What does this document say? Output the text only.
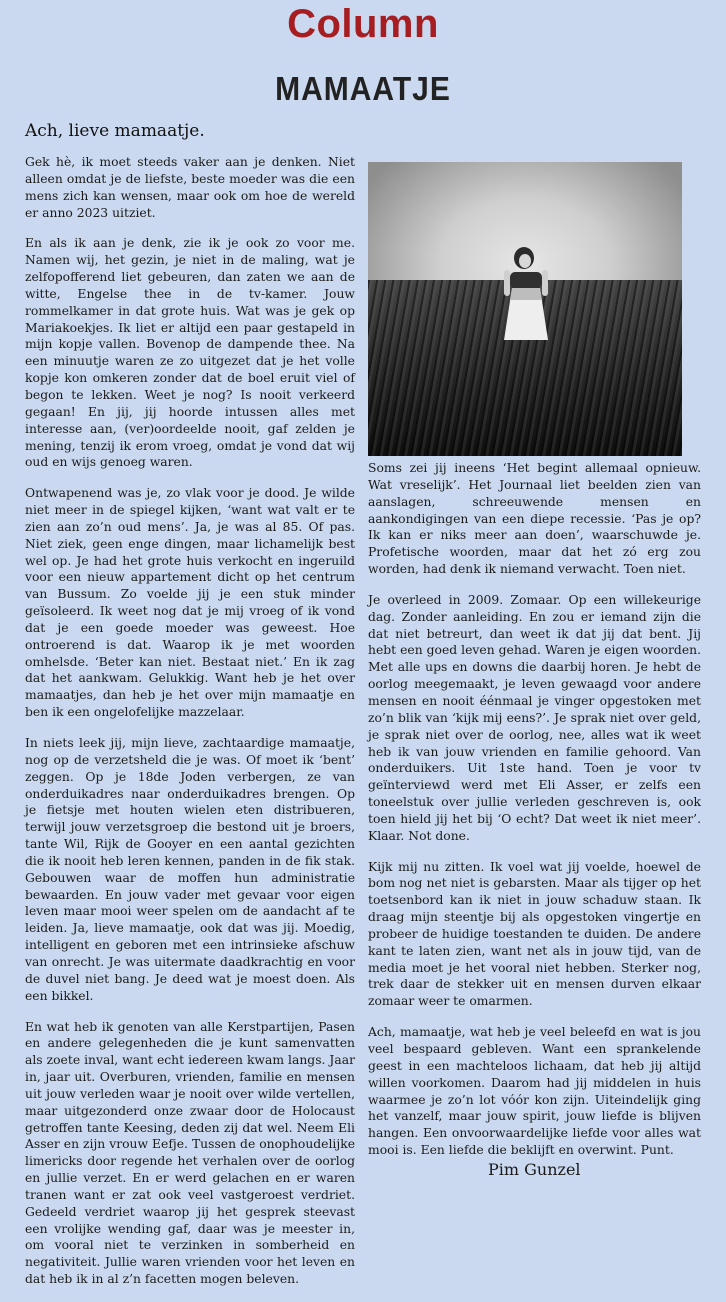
Column
MAMAATJE
Ach, lieve mamaatje.

Gek hè, ik moet steeds vaker aan je denken. Niet alleen omdat je de liefste, beste moeder was die een mens zich kan wensen, maar ook om hoe de wereld er anno 2023 uitziet.

En als ik aan je denk, zie ik je ook zo voor me. Namen wij, het gezin, je niet in de maling, wat je zelfopofferend liet gebeuren, dan zaten we aan de witte, Engelse thee in de tv-kamer. Jouw rommelkamer in dat grote huis. Wat was je gek op Mariakoekjes. Ik liet er altijd een paar gestapeld in mijn kopje vallen. Bovenop de dampende thee. Na een minuutje waren ze zo uitgezet dat je het volle kopje kon omkeren zonder dat de boel eruit viel of begon te lekken. Weet je nog? Is nooit verkeerd gegaan! En jij, jij hoorde intussen alles met interesse aan, (ver)oordeelde nooit, gaf zelden je mening, tenzij ik erom vroeg, omdat je vond dat wij oud en wijs genoeg waren.

Ontwapenend was je, zo vlak voor je dood. Je wilde niet meer in de spiegel kijken, ‘want wat valt er te zien aan zo’n oud mens’. Ja, je was al 85. Of pas. Niet ziek, geen enge dingen, maar lichamelijk best wel op. Je had het grote huis verkocht en ingeruild voor een nieuw appartement dicht op het centrum van Bussum. Zo voelde jij je een stuk minder geïsoleerd. Ik weet nog dat je mij vroeg of ik vond dat je een goede moeder was geweest. Hoe ontroerend is dat. Waarop ik je met woorden omhelsde. ‘Beter kan niet. Bestaat niet.’ En ik zag dat het aankwam. Gelukkig. Want heb je het over mamaatjes, dan heb je het over mijn mamaatje en ben ik een ongelofelijke mazzelaar.

In niets leek jij, mijn lieve, zachtaardige mamaatje, nog op de verzetsheld die je was. Of moet ik ‘bent’ zeggen. Op je 18de Joden verbergen, ze van onderduikadres naar onderduikadres brengen. Op je fietsje met houten wielen eten distribueren, terwijl jouw verzetsgroep die bestond uit je broers, tante Wil, Rijk de Gooyer en een aantal gezichten die ik nooit heb leren kennen, panden in de fik stak. Gebouwen waar de moffen hun administratie bewaarden. En jouw vader met gevaar voor eigen leven maar mooi weer spelen om de aandacht af te leiden. Ja, lieve mamaatje, ook dat was jij. Moedig, intelligent en geboren met een intrinsieke afschuw van onrecht. Je was uitermate daadkrachtig en voor de duvel niet bang. Je deed wat je moest doen. Als een bikkel.

En wat heb ik genoten van alle Kerstpartijen, Pasen en andere gelegenheden die je kunt samenvatten als zoete inval, want echt iedereen kwam langs. Jaar in, jaar uit. Overburen, vrienden, familie en mensen uit jouw verleden waar je nooit over wilde vertellen, maar uitgezonderd onze zwaar door de Holocaust getroffen tante Keesing, deden zij dat wel. Neem Eli Asser en zijn vrouw Eefje. Tussen de onophoudelijke limericks door regende het verhalen over de oorlog en jullie verzet. En er werd gelachen en er waren tranen want er zat ook veel vastgeroest verdriet. Gedeeld verdriet waarop jij het gesprek steevast een vrolijke wending gaf, daar was je meester in, om vooral niet te verzinken in somberheid en negativiteit. Jullie waren vrienden voor het leven en dat heb ik in al z’n facetten mogen beleven.

Soms zei jij ineens ‘Het begint allemaal opnieuw. Wat vreselijk’. Het Journaal liet beelden zien van aanslagen, schreeuwende mensen en aankondigingen van een diepe recessie. ‘Pas je op? Ik kan er niks meer aan doen’, waarschuwde je. Profetische woorden, maar dat het zó erg zou worden, had denk ik niemand verwacht. Toen niet.

Je overleed in 2009. Zomaar. Op een willekeurige dag. Zonder aanleiding. En zou er iemand zijn die dat niet betreurt, dan weet ik dat jij dat bent. Jij hebt een goed leven gehad. Waren je eigen woorden. Met alle ups en downs die daarbij horen. Je hebt de oorlog meegemaakt, je leven gewaagd voor andere mensen en nooit éénmaal je vinger opgestoken met zo’n blik van ‘kijk mij eens?’. Je sprak niet over geld, je sprak niet over de oorlog, nee, alles wat ik weet heb ik van jouw vrienden en familie gehoord. Van onderduikers. Uit 1ste hand. Toen je voor tv geïnterviewd werd met Eli Asser, er zelfs een toneelstuk over jullie verleden geschreven is, ook toen hield jij het bij ‘O echt? Dat weet ik niet meer’. Klaar. Not done.

Kijk mij nu zitten. Ik voel wat jij voelde, hoewel de bom nog net niet is gebarsten. Maar als tijger op het toetsenbord kan ik niet in jouw schaduw staan. Ik draag mijn steentje bij als opgestoken vingertje en probeer de huidige toestanden te duiden. De andere kant te laten zien, want net als in jouw tijd, van de media moet je het vooral niet hebben. Sterker nog, trek daar de stekker uit en mensen durven elkaar zomaar weer te omarmen.

Ach, mamaatje, wat heb je veel beleefd en wat is jou veel bespaard gebleven. Want een sprankelende geest in een machteloos lichaam, dat heb jij altijd willen voorkomen. Daarom had jij middelen in huis waarmee je zo’n lot vóór kon zijn. Uiteindelijk ging het vanzelf, maar jouw spirit, jouw liefde is blijven hangen. Een onvoorwaardelijke liefde voor alles wat mooi is. Een liefde die beklijft en overwint. Punt.

Pim Gunzel
